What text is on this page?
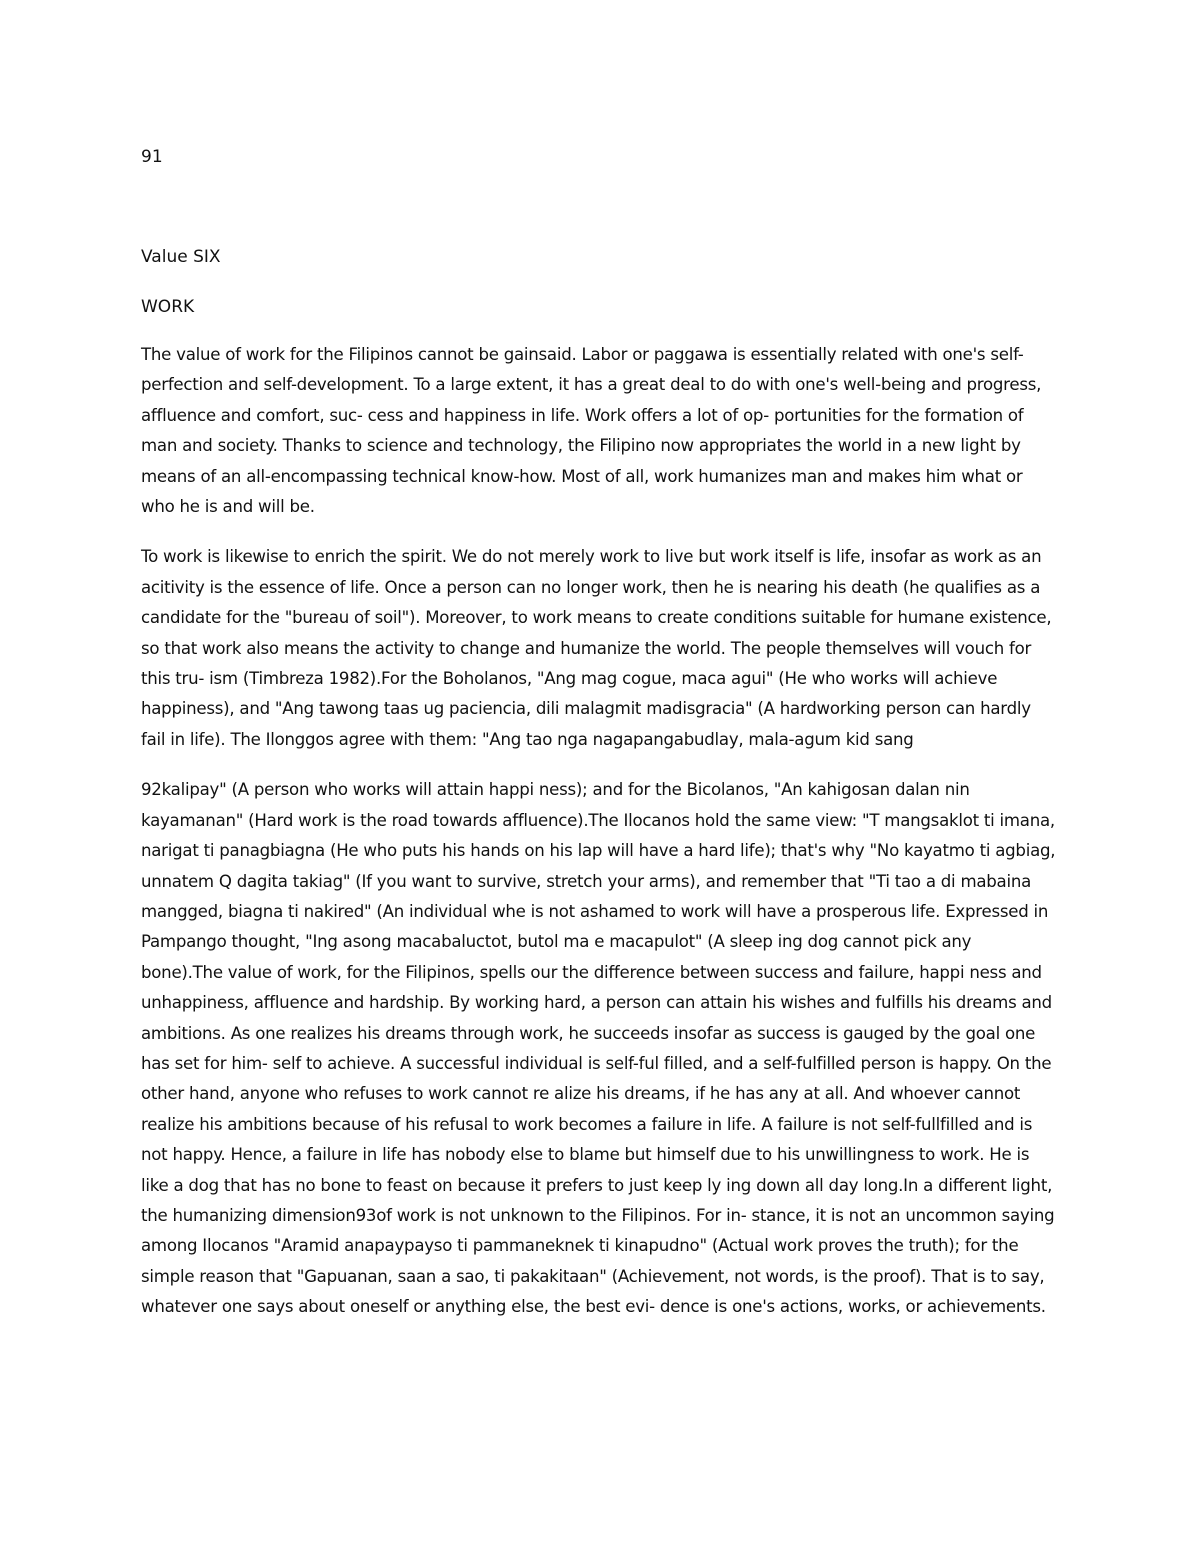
91

Value SIX
WORK

The value of work for the Filipinos cannot be gainsaid. Labor or paggawa is essentially related with one's self-perfection and self-development. To a large extent, it has a great deal to do with one's well-being and progress, affluence and comfort, suc- cess and happiness in life. Work offers a lot of op- portunities for the formation of man and society. Thanks to science and technology, the Filipino now appropriates the world in a new light by means of an all-encompassing technical know-how. Most of all, work humanizes man and makes him what or who he is and will be.

To work is likewise to enrich the spirit. We do not merely work to live but work itself is life, insofar as work as an acitivity is the essence of life. Once a person can no longer work, then he is nearing his death (he qualifies as a candidate for the "bureau of soil"). Moreover, to work means to create conditions suitable for humane existence, so that work also means the activity to change and humanize the world. The people themselves will vouch for this tru- ism (Timbreza 1982).For the Boholanos, "Ang mag cogue, maca agui" (He who works will achieve happiness), and "Ang tawong taas ug paciencia, dili malagmit madisgracia" (A hardworking person can hardly fail in life). The Ilonggos agree with them: "Ang tao nga nagapangabudlay, mala-agum kid sang

92kalipay" (A person who works will attain happi ness); and for the Bicolanos, "An kahigosan dalan nin kayamanan" (Hard work is the road towards affluence).The Ilocanos hold the same view: "T mangsaklot ti imana, narigat ti panagbiagna (He who puts his hands on his lap will have a hard life); that's why "No kayatmo ti agbiag, unnatem Q dagita takiag" (If you want to survive, stretch your arms), and remember that "Ti tao a di mabaina mangged, biagna ti nakired" (An individual whe is not ashamed to work will have a prosperous life. Expressed in Pampango thought, "Ing asong macabaluctot, butol ma e macapulot" (A sleep ing dog cannot pick any bone).The value of work, for the Filipinos, spells our the difference between success and failure, happi ness and unhappiness, affluence and hardship. By working hard, a person can attain his wishes and fulfills his dreams and ambitions. As one realizes his dreams through work, he succeeds insofar as success is gauged by the goal one has set for him- self to achieve. A successful individual is self-ful filled, and a self-fulfilled person is happy. On the other hand, anyone who refuses to work cannot re alize his dreams, if he has any at all. And whoever cannot realize his ambitions because of his refusal to work becomes a failure in life. A failure is not self-fullfilled and is not happy. Hence, a failure in life has nobody else to blame but himself due to his unwillingness to work. He is like a dog that has no bone to feast on because it prefers to just keep ly ing down all day long.In a different light, the humanizing dimension93of work is not unknown to the Filipinos. For in- stance, it is not an uncommon saying among Ilocanos "Aramid anapaypayso ti pammaneknek ti kinapudno" (Actual work proves the truth); for the simple reason that "Gapuanan, saan a sao, ti pakakitaan" (Achievement, not words, is the proof). That is to say, whatever one says about oneself or anything else, the best evi- dence is one's actions, works, or achievements.
